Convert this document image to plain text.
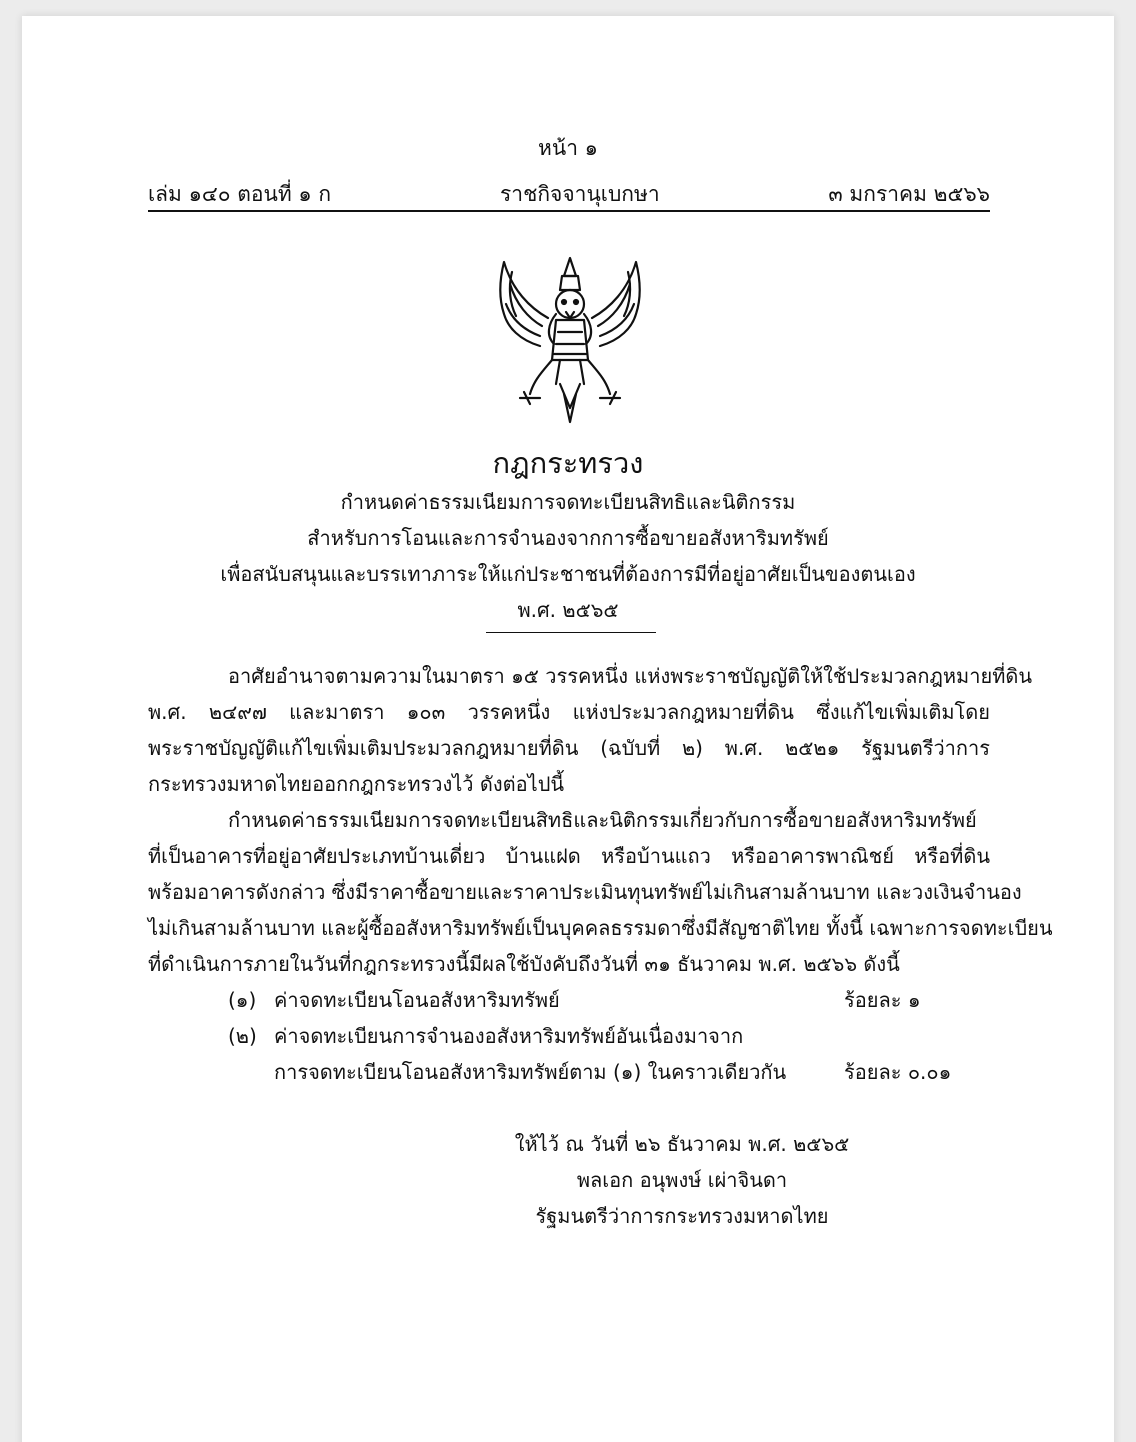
หน้า ๑
เล่ม ๑๔๐ ตอนที่ ๑ ก	ราชกิจจานุเบกษา	๓ มกราคม ๒๕๖๖
กฎกระทรวง
กำหนดค่าธรรมเนียมการจดทะเบียนสิทธิและนิติกรรม
สำหรับการโอนและการจำนองจากการซื้อขายอสังหาริมทรัพย์
เพื่อสนับสนุนและบรรเทาภาระให้แก่ประชาชนที่ต้องการมีที่อยู่อาศัยเป็นของตนเอง
พ.ศ. ๒๕๖๕
อาศัยอำนาจตามความในมาตรา ๑๕ วรรคหนึ่ง แห่งพระราชบัญญัติให้ใช้ประมวลกฎหมายที่ดิน
พ.ศ. ๒๔๙๗ และมาตรา ๑๐๓ วรรคหนึ่ง แห่งประมวลกฎหมายที่ดิน ซึ่งแก้ไขเพิ่มเติมโดย
พระราชบัญญัติแก้ไขเพิ่มเติมประมวลกฎหมายที่ดิน (ฉบับที่ ๒) พ.ศ. ๒๕๒๑ รัฐมนตรีว่าการ
กระทรวงมหาดไทยออกกฎกระทรวงไว้ ดังต่อไปนี้
กำหนดค่าธรรมเนียมการจดทะเบียนสิทธิและนิติกรรมเกี่ยวกับการซื้อขายอสังหาริมทรัพย์
ที่เป็นอาคารที่อยู่อาศัยประเภทบ้านเดี่ยว บ้านแฝด หรือบ้านแถว หรืออาคารพาณิชย์ หรือที่ดิน
พร้อมอาคารดังกล่าว ซึ่งมีราคาซื้อขายและราคาประเมินทุนทรัพย์ไม่เกินสามล้านบาท และวงเงินจำนอง
ไม่เกินสามล้านบาท และผู้ซื้ออสังหาริมทรัพย์เป็นบุคคลธรรมดาซึ่งมีสัญชาติไทย ทั้งนี้ เฉพาะการจดทะเบียน
ที่ดำเนินการภายในวันที่กฎกระทรวงนี้มีผลใช้บังคับถึงวันที่ ๓๑ ธันวาคม พ.ศ. ๒๕๖๖ ดังนี้
(๑) ค่าจดทะเบียนโอนอสังหาริมทรัพย์	ร้อยละ ๑
(๒) ค่าจดทะเบียนการจำนองอสังหาริมทรัพย์อันเนื่องมาจาก
การจดทะเบียนโอนอสังหาริมทรัพย์ตาม (๑) ในคราวเดียวกัน	ร้อยละ ๐.๐๑
ให้ไว้ ณ วันที่ ๒๖ ธันวาคม พ.ศ. ๒๕๖๕
พลเอก อนุพงษ์ เผ่าจินดา
รัฐมนตรีว่าการกระทรวงมหาดไทย
